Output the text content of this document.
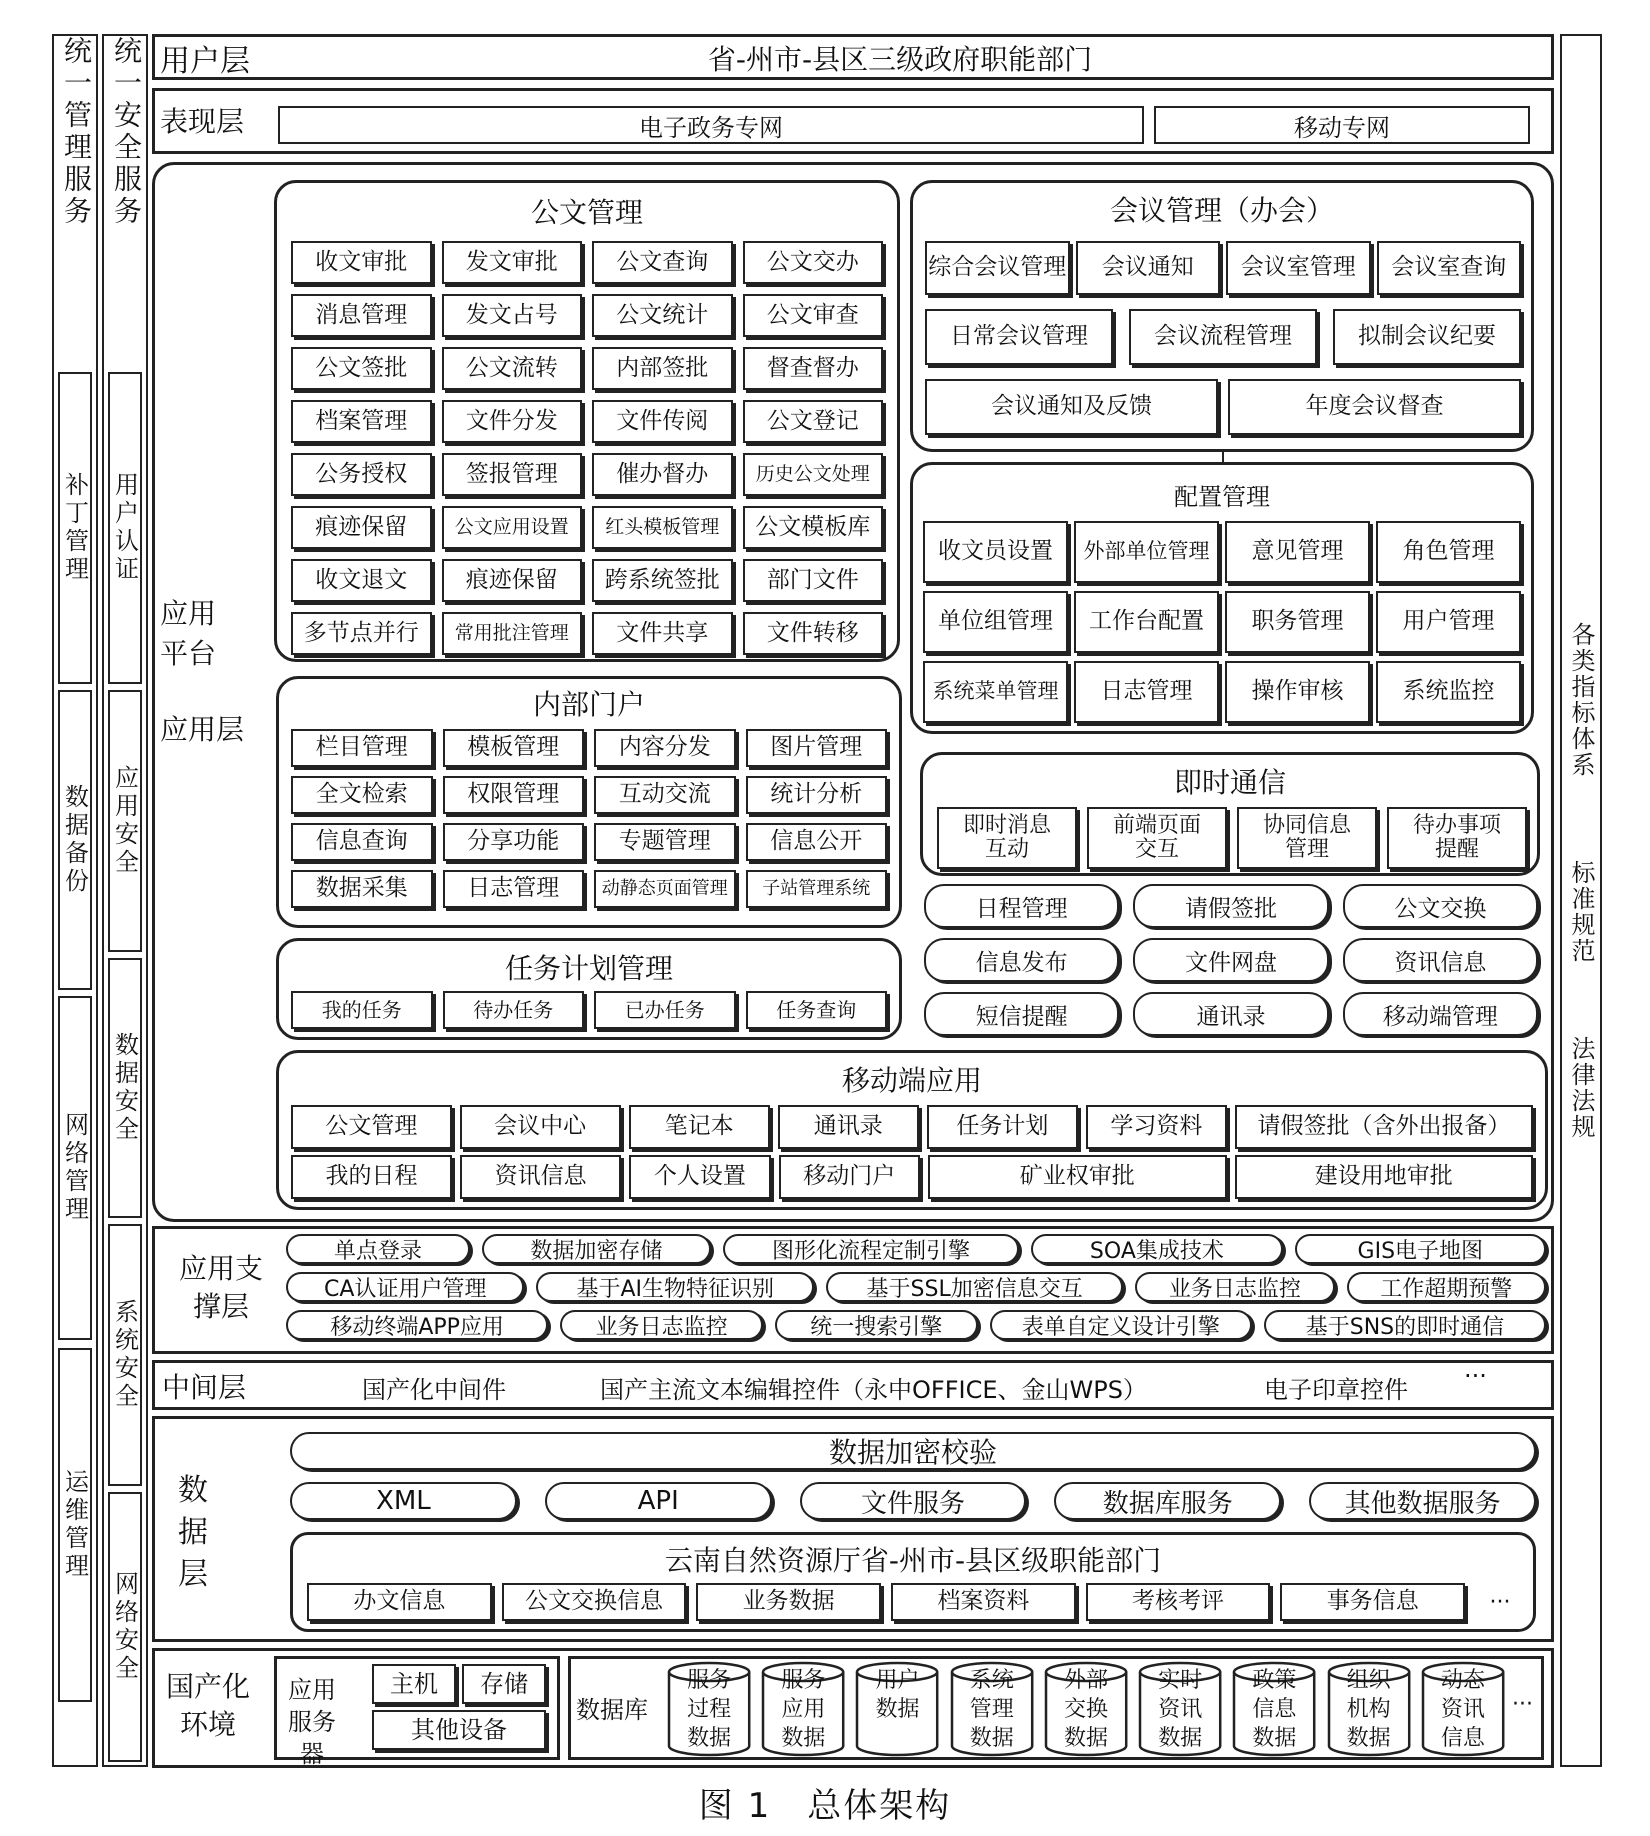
统一管理服务
补丁管理
数据备份
网络管理
运维管理
统一安全服务
用户认证
应用安全
数据安全
系统安全
网络安全
各类指标体系
标准规范
法律法规
用户层	省-州市-县区三级政府职能部门
表现层	电子政务专网	移动专网
应用平台
应用层
公文管理
收文审批	发文审批	公文查询	公文交办
消息管理	发文占号	公文统计	公文审查
公文签批	公文流转	内部签批	督查督办
档案管理	文件分发	文件传阅	公文登记
公务授权	签报管理	催办督办	历史公文处理
痕迹保留	公文应用设置	红头模板管理	公文模板库
收文退文	痕迹保留	跨系统签批	部门文件
多节点并行	常用批注管理	文件共享	文件转移
会议管理（办会）
综合会议管理	会议通知	会议室管理	会议室查询
日常会议管理	会议流程管理	拟制会议纪要
会议通知及反馈	年度会议督查
配置管理
收文员设置	外部单位管理	意见管理	角色管理
单位组管理	工作台配置	职务管理	用户管理
系统菜单管理	日志管理	操作审核	系统监控
内部门户
栏目管理	模板管理	内容分发	图片管理
全文检索	权限管理	互动交流	统计分析
信息查询	分享功能	专题管理	信息公开
数据采集	日志管理	动静态页面管理	子站管理系统
即时通信
即时消息互动
前端页面交互
协同信息管理
待办事项提醒
日程管理	请假签批	公文交换
信息发布	文件网盘	资讯信息
短信提醒	通讯录	移动端管理
任务计划管理
我的任务	待办任务	已办任务	任务查询
移动端应用
公文管理	会议中心	笔记本	通讯录	任务计划	学习资料	请假签批（含外出报备）
我的日程	资讯信息	个人设置	移动门户	矿业权审批	建设用地审批
应用支撑层
单点登录	数据加密存储	图形化流程定制引擎	SOA集成技术	GIS电子地图
CA认证用户管理	基于AI生物特征识别	基于SSL加密信息交互	业务日志监控	工作超期预警
移动终端APP应用	业务日志监控	统一搜索引擎	表单自定义设计引擎	基于SNS的即时通信
中间层	国产化中间件	国产主流文本编辑控件（永中OFFICE、金山WPS）	电子印章控件 ···
数据层
数据加密校验
XML	API	文件服务	数据库服务	其他数据服务
云南自然资源厅省-州市-县区级职能部门
办文信息	公文交换信息	业务数据	档案资料	考核考评	事务信息	···
国产化环境
应用服务器
主机	存储
其他设备
数据库
服务过程数据
服务应用数据
用户数据
系统管理数据
外部交换数据
实时资讯数据
政策信息数据
组织机构数据
动态资讯信息
···
图 1　总体架构
